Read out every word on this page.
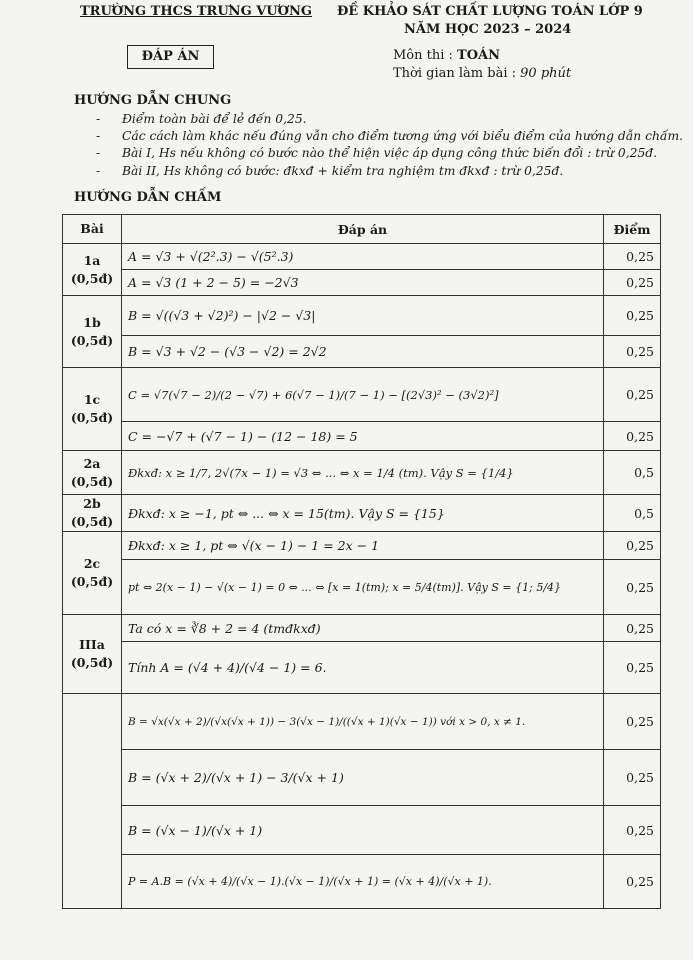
TRƯỜNG THCS TRƯNG VƯƠNG ĐỀ KHẢO SÁT CHẤT LƯỢNG TOÁN LỚP 9
NĂM HỌC 2023 – 2024
ĐÁP ÁN	Môn thi : TOÁN
Thời gian làm bài : 90 phút
HƯỚNG DẪN CHUNG
- Điểm toàn bài để lẻ đến 0,25.
- Các cách làm khác nếu đúng vẫn cho điểm tương ứng với biểu điểm của hướng dẫn chấm.
- Bài I, Hs nếu không có bước nào thể hiện việc áp dụng công thức biến đổi : trừ 0,25đ.
- Bài II, Hs không có bước: đkxđ + kiểm tra nghiệm tm đkxđ : trừ 0,25đ.
HƯỚNG DẪN CHẤM
Bài	Đáp án	Điểm

1a
(0,5đ)	A = √3 + √(2².3) − √(5².3)	0,25
	A = √3 (1 + 2 − 5) = −2√3	0,25

1b
(0,5đ)	B = √((√3 + √2)²) − |√2 − √3|	0,25
	B = √3 + √2 − (√3 − √2) = 2√2	0,25

1c
(0,5đ)	C = √7(√7 − 2)/(2 − √7) + 6(√7 − 1)/(7 − 1) − [(2√3)² − (3√2)²]	0,25
	C = −√7 + (√7 − 1) − (12 − 18) = 5	0,25

2a
(0,5đ)	Đkxđ: x ≥ 1/7, 2√(7x − 1) = √3 ⇔ ... ⇔ x = 1/4 (tm). Vậy S = {1/4}	0,5

2b
(0,5đ)	Đkxđ: x ≥ −1, pt ⇔ ... ⇔ x = 15(tm). Vậy S = {15}	0,5

2c
(0,5đ)	Đkxđ: x ≥ 1, pt ⇔ √(x − 1) − 1 = 2x − 1	0,25
	pt ⇔ 2(x − 1) − √(x − 1) = 0 ⇔ ... ⇔ [x = 1(tm); x = 5/4(tm)]. Vậy S = {1; 5/4}	0,25

IIIa
(0,5đ)	Ta có x = ∛8 + 2 = 4 (tmđkxđ)	0,25
	Tính A = (√4 + 4)/(√4 − 1) = 6.	0,25

	B = √x(√x + 2)/(√x(√x + 1)) − 3(√x − 1)/((√x + 1)(√x − 1)) với x > 0, x ≠ 1.	0,25
	B = (√x + 2)/(√x + 1) − 3/(√x + 1)	0,25
	B = (√x − 1)/(√x + 1)	0,25
	P = A.B = (√x + 4)/(√x − 1).(√x − 1)/(√x + 1) = (√x + 4)/(√x + 1).	0,25
